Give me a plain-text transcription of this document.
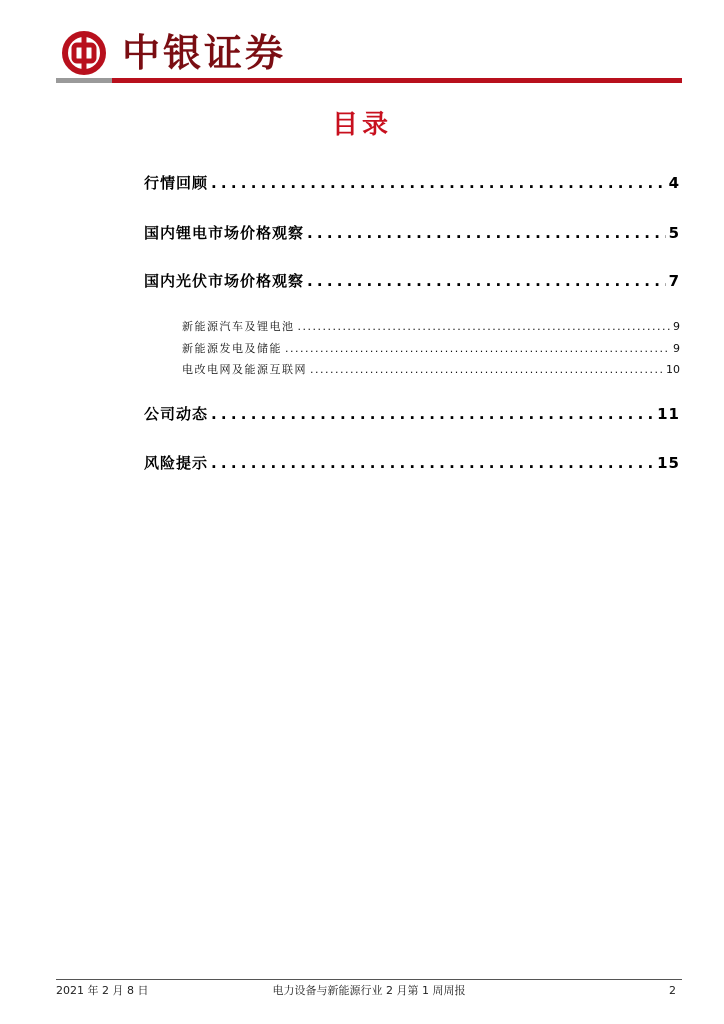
中银证券
目录
行情回顾 . . .	4
国内锂电市场价格观察 . . .	5
国内光伏市场价格观察 . . .	7
新能源汽车及锂电池 . . .	9
新能源发电及储能 . . .	9
电改电网及能源互联网 . . .	10
公司动态 . . .	11
风险提示 . . .	15
2021 年 2 月 8 日	电力设备与新能源行业 2 月第 1 周周报	2
